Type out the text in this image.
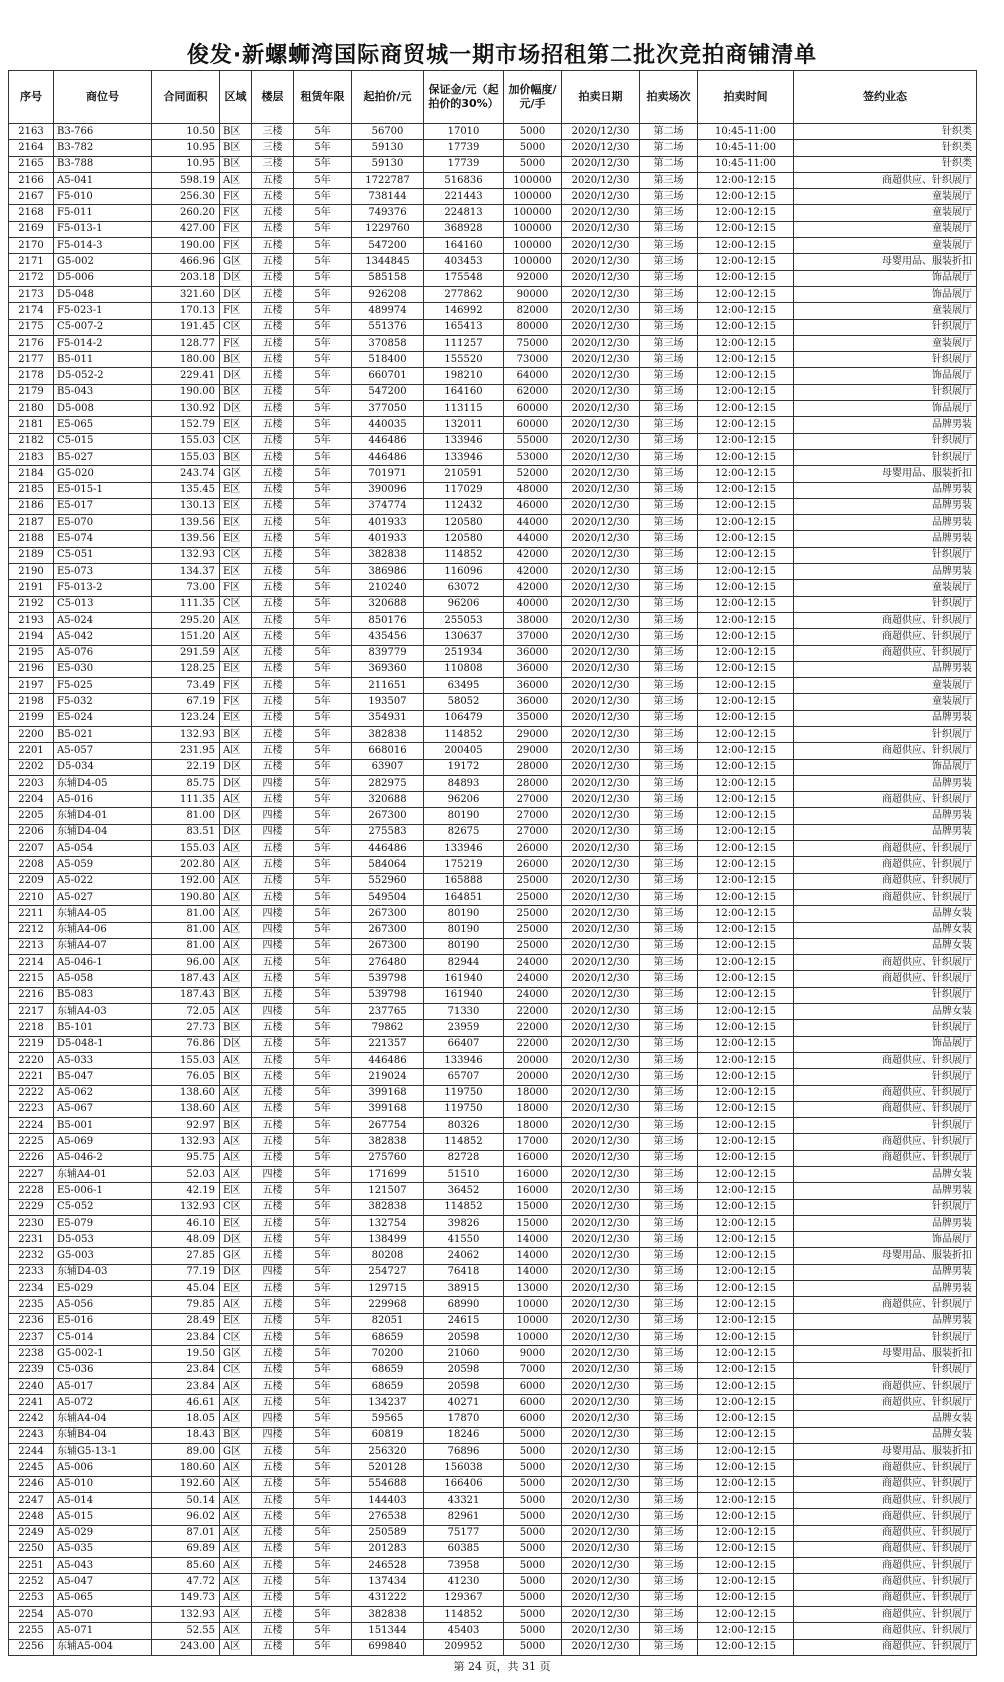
俊发·新螺蛳湾国际商贸城一期市场招租第二批次竞拍商铺清单
序号	商位号	合同面积	区域	楼层	租赁年限	起拍价/元	保证金/元（起拍价的30%）	加价幅度/元/手	拍卖日期	拍卖场次	拍卖时间	签约业态
2163	B3-766	10.50	B区	三楼	5年	56700	17010	5000	2020/12/30	第二场	10:45-11:00	针织类
2164	B3-782	10.95	B区	三楼	5年	59130	17739	5000	2020/12/30	第二场	10:45-11:00	针织类
2165	B3-788	10.95	B区	三楼	5年	59130	17739	5000	2020/12/30	第二场	10:45-11:00	针织类
2166	A5-041	598.19	A区	五楼	5年	1722787	516836	100000	2020/12/30	第三场	12:00-12:15	商超供应、针织展厅
2167	F5-010	256.30	F区	五楼	5年	738144	221443	100000	2020/12/30	第三场	12:00-12:15	童装展厅
2168	F5-011	260.20	F区	五楼	5年	749376	224813	100000	2020/12/30	第三场	12:00-12:15	童装展厅
2169	F5-013-1	427.00	F区	五楼	5年	1229760	368928	100000	2020/12/30	第三场	12:00-12:15	童装展厅
2170	F5-014-3	190.00	F区	五楼	5年	547200	164160	100000	2020/12/30	第三场	12:00-12:15	童装展厅
2171	G5-002	466.96	G区	五楼	5年	1344845	403453	100000	2020/12/30	第三场	12:00-12:15	母婴用品、服装折扣
2172	D5-006	203.18	D区	五楼	5年	585158	175548	92000	2020/12/30	第三场	12:00-12:15	饰品展厅
2173	D5-048	321.60	D区	五楼	5年	926208	277862	90000	2020/12/30	第三场	12:00-12:15	饰品展厅
2174	F5-023-1	170.13	F区	五楼	5年	489974	146992	82000	2020/12/30	第三场	12:00-12:15	童装展厅
2175	C5-007-2	191.45	C区	五楼	5年	551376	165413	80000	2020/12/30	第三场	12:00-12:15	针织展厅
2176	F5-014-2	128.77	F区	五楼	5年	370858	111257	75000	2020/12/30	第三场	12:00-12:15	童装展厅
2177	B5-011	180.00	B区	五楼	5年	518400	155520	73000	2020/12/30	第三场	12:00-12:15	针织展厅
2178	D5-052-2	229.41	D区	五楼	5年	660701	198210	64000	2020/12/30	第三场	12:00-12:15	饰品展厅
2179	B5-043	190.00	B区	五楼	5年	547200	164160	62000	2020/12/30	第三场	12:00-12:15	针织展厅
2180	D5-008	130.92	D区	五楼	5年	377050	113115	60000	2020/12/30	第三场	12:00-12:15	饰品展厅
2181	E5-065	152.79	E区	五楼	5年	440035	132011	60000	2020/12/30	第三场	12:00-12:15	品牌男装
2182	C5-015	155.03	C区	五楼	5年	446486	133946	55000	2020/12/30	第三场	12:00-12:15	针织展厅
2183	B5-027	155.03	B区	五楼	5年	446486	133946	53000	2020/12/30	第三场	12:00-12:15	针织展厅
2184	G5-020	243.74	G区	五楼	5年	701971	210591	52000	2020/12/30	第三场	12:00-12:15	母婴用品、服装折扣
2185	E5-015-1	135.45	E区	五楼	5年	390096	117029	48000	2020/12/30	第三场	12:00-12:15	品牌男装
2186	E5-017	130.13	E区	五楼	5年	374774	112432	46000	2020/12/30	第三场	12:00-12:15	品牌男装
2187	E5-070	139.56	E区	五楼	5年	401933	120580	44000	2020/12/30	第三场	12:00-12:15	品牌男装
2188	E5-074	139.56	E区	五楼	5年	401933	120580	44000	2020/12/30	第三场	12:00-12:15	品牌男装
2189	C5-051	132.93	C区	五楼	5年	382838	114852	42000	2020/12/30	第三场	12:00-12:15	针织展厅
2190	E5-073	134.37	E区	五楼	5年	386986	116096	42000	2020/12/30	第三场	12:00-12:15	品牌男装
2191	F5-013-2	73.00	F区	五楼	5年	210240	63072	42000	2020/12/30	第三场	12:00-12:15	童装展厅
2192	C5-013	111.35	C区	五楼	5年	320688	96206	40000	2020/12/30	第三场	12:00-12:15	针织展厅
2193	A5-024	295.20	A区	五楼	5年	850176	255053	38000	2020/12/30	第三场	12:00-12:15	商超供应、针织展厅
2194	A5-042	151.20	A区	五楼	5年	435456	130637	37000	2020/12/30	第三场	12:00-12:15	商超供应、针织展厅
2195	A5-076	291.59	A区	五楼	5年	839779	251934	36000	2020/12/30	第三场	12:00-12:15	商超供应、针织展厅
2196	E5-030	128.25	E区	五楼	5年	369360	110808	36000	2020/12/30	第三场	12:00-12:15	品牌男装
2197	F5-025	73.49	F区	五楼	5年	211651	63495	36000	2020/12/30	第三场	12:00-12:15	童装展厅
2198	F5-032	67.19	F区	五楼	5年	193507	58052	36000	2020/12/30	第三场	12:00-12:15	童装展厅
2199	E5-024	123.24	E区	五楼	5年	354931	106479	35000	2020/12/30	第三场	12:00-12:15	品牌男装
2200	B5-021	132.93	B区	五楼	5年	382838	114852	29000	2020/12/30	第三场	12:00-12:15	针织展厅
2201	A5-057	231.95	A区	五楼	5年	668016	200405	29000	2020/12/30	第三场	12:00-12:15	商超供应、针织展厅
2202	D5-034	22.19	D区	五楼	5年	63907	19172	28000	2020/12/30	第三场	12:00-12:15	饰品展厅
2203	东辅D4-05	85.75	D区	四楼	5年	282975	84893	28000	2020/12/30	第三场	12:00-12:15	品牌男装
2204	A5-016	111.35	A区	五楼	5年	320688	96206	27000	2020/12/30	第三场	12:00-12:15	商超供应、针织展厅
2205	东辅D4-01	81.00	D区	四楼	5年	267300	80190	27000	2020/12/30	第三场	12:00-12:15	品牌男装
2206	东辅D4-04	83.51	D区	四楼	5年	275583	82675	27000	2020/12/30	第三场	12:00-12:15	品牌男装
2207	A5-054	155.03	A区	五楼	5年	446486	133946	26000	2020/12/30	第三场	12:00-12:15	商超供应、针织展厅
2208	A5-059	202.80	A区	五楼	5年	584064	175219	26000	2020/12/30	第三场	12:00-12:15	商超供应、针织展厅
2209	A5-022	192.00	A区	五楼	5年	552960	165888	25000	2020/12/30	第三场	12:00-12:15	商超供应、针织展厅
2210	A5-027	190.80	A区	五楼	5年	549504	164851	25000	2020/12/30	第三场	12:00-12:15	商超供应、针织展厅
2211	东辅A4-05	81.00	A区	四楼	5年	267300	80190	25000	2020/12/30	第三场	12:00-12:15	品牌女装
2212	东辅A4-06	81.00	A区	四楼	5年	267300	80190	25000	2020/12/30	第三场	12:00-12:15	品牌女装
2213	东辅A4-07	81.00	A区	四楼	5年	267300	80190	25000	2020/12/30	第三场	12:00-12:15	品牌女装
2214	A5-046-1	96.00	A区	五楼	5年	276480	82944	24000	2020/12/30	第三场	12:00-12:15	商超供应、针织展厅
2215	A5-058	187.43	A区	五楼	5年	539798	161940	24000	2020/12/30	第三场	12:00-12:15	商超供应、针织展厅
2216	B5-083	187.43	B区	五楼	5年	539798	161940	24000	2020/12/30	第三场	12:00-12:15	针织展厅
2217	东辅A4-03	72.05	A区	四楼	5年	237765	71330	22000	2020/12/30	第三场	12:00-12:15	品牌女装
2218	B5-101	27.73	B区	五楼	5年	79862	23959	22000	2020/12/30	第三场	12:00-12:15	针织展厅
2219	D5-048-1	76.86	D区	五楼	5年	221357	66407	22000	2020/12/30	第三场	12:00-12:15	饰品展厅
2220	A5-033	155.03	A区	五楼	5年	446486	133946	20000	2020/12/30	第三场	12:00-12:15	商超供应、针织展厅
2221	B5-047	76.05	B区	五楼	5年	219024	65707	20000	2020/12/30	第三场	12:00-12:15	针织展厅
2222	A5-062	138.60	A区	五楼	5年	399168	119750	18000	2020/12/30	第三场	12:00-12:15	商超供应、针织展厅
2223	A5-067	138.60	A区	五楼	5年	399168	119750	18000	2020/12/30	第三场	12:00-12:15	商超供应、针织展厅
2224	B5-001	92.97	B区	五楼	5年	267754	80326	18000	2020/12/30	第三场	12:00-12:15	针织展厅
2225	A5-069	132.93	A区	五楼	5年	382838	114852	17000	2020/12/30	第三场	12:00-12:15	商超供应、针织展厅
2226	A5-046-2	95.75	A区	五楼	5年	275760	82728	16000	2020/12/30	第三场	12:00-12:15	商超供应、针织展厅
2227	东辅A4-01	52.03	A区	四楼	5年	171699	51510	16000	2020/12/30	第三场	12:00-12:15	品牌女装
2228	E5-006-1	42.19	E区	五楼	5年	121507	36452	16000	2020/12/30	第三场	12:00-12:15	品牌男装
2229	C5-052	132.93	C区	五楼	5年	382838	114852	15000	2020/12/30	第三场	12:00-12:15	针织展厅
2230	E5-079	46.10	E区	五楼	5年	132754	39826	15000	2020/12/30	第三场	12:00-12:15	品牌男装
2231	D5-053	48.09	D区	五楼	5年	138499	41550	14000	2020/12/30	第三场	12:00-12:15	饰品展厅
2232	G5-003	27.85	G区	五楼	5年	80208	24062	14000	2020/12/30	第三场	12:00-12:15	母婴用品、服装折扣
2233	东辅D4-03	77.19	D区	四楼	5年	254727	76418	14000	2020/12/30	第三场	12:00-12:15	品牌男装
2234	E5-029	45.04	E区	五楼	5年	129715	38915	13000	2020/12/30	第三场	12:00-12:15	品牌男装
2235	A5-056	79.85	A区	五楼	5年	229968	68990	10000	2020/12/30	第三场	12:00-12:15	商超供应、针织展厅
2236	E5-016	28.49	E区	五楼	5年	82051	24615	10000	2020/12/30	第三场	12:00-12:15	品牌男装
2237	C5-014	23.84	C区	五楼	5年	68659	20598	10000	2020/12/30	第三场	12:00-12:15	针织展厅
2238	G5-002-1	19.50	G区	五楼	5年	70200	21060	9000	2020/12/30	第三场	12:00-12:15	母婴用品、服装折扣
2239	C5-036	23.84	C区	五楼	5年	68659	20598	7000	2020/12/30	第三场	12:00-12:15	针织展厅
2240	A5-017	23.84	A区	五楼	5年	68659	20598	6000	2020/12/30	第三场	12:00-12:15	商超供应、针织展厅
2241	A5-072	46.61	A区	五楼	5年	134237	40271	6000	2020/12/30	第三场	12:00-12:15	商超供应、针织展厅
2242	东辅A4-04	18.05	A区	四楼	5年	59565	17870	6000	2020/12/30	第三场	12:00-12:15	品牌女装
2243	东辅B4-04	18.43	B区	四楼	5年	60819	18246	5000	2020/12/30	第三场	12:00-12:15	品牌女装
2244	东辅G5-13-1	89.00	G区	五楼	5年	256320	76896	5000	2020/12/30	第三场	12:00-12:15	母婴用品、服装折扣
2245	A5-006	180.60	A区	五楼	5年	520128	156038	5000	2020/12/30	第三场	12:00-12:15	商超供应、针织展厅
2246	A5-010	192.60	A区	五楼	5年	554688	166406	5000	2020/12/30	第三场	12:00-12:15	商超供应、针织展厅
2247	A5-014	50.14	A区	五楼	5年	144403	43321	5000	2020/12/30	第三场	12:00-12:15	商超供应、针织展厅
2248	A5-015	96.02	A区	五楼	5年	276538	82961	5000	2020/12/30	第三场	12:00-12:15	商超供应、针织展厅
2249	A5-029	87.01	A区	五楼	5年	250589	75177	5000	2020/12/30	第三场	12:00-12:15	商超供应、针织展厅
2250	A5-035	69.89	A区	五楼	5年	201283	60385	5000	2020/12/30	第三场	12:00-12:15	商超供应、针织展厅
2251	A5-043	85.60	A区	五楼	5年	246528	73958	5000	2020/12/30	第三场	12:00-12:15	商超供应、针织展厅
2252	A5-047	47.72	A区	五楼	5年	137434	41230	5000	2020/12/30	第三场	12:00-12:15	商超供应、针织展厅
2253	A5-065	149.73	A区	五楼	5年	431222	129367	5000	2020/12/30	第三场	12:00-12:15	商超供应、针织展厅
2254	A5-070	132.93	A区	五楼	5年	382838	114852	5000	2020/12/30	第三场	12:00-12:15	商超供应、针织展厅
2255	A5-071	52.55	A区	五楼	5年	151344	45403	5000	2020/12/30	第三场	12:00-12:15	商超供应、针织展厅
2256	东辅A5-004	243.00	A区	五楼	5年	699840	209952	5000	2020/12/30	第三场	12:00-12:15	商超供应、针织展厅
第 24 页，共 31 页
